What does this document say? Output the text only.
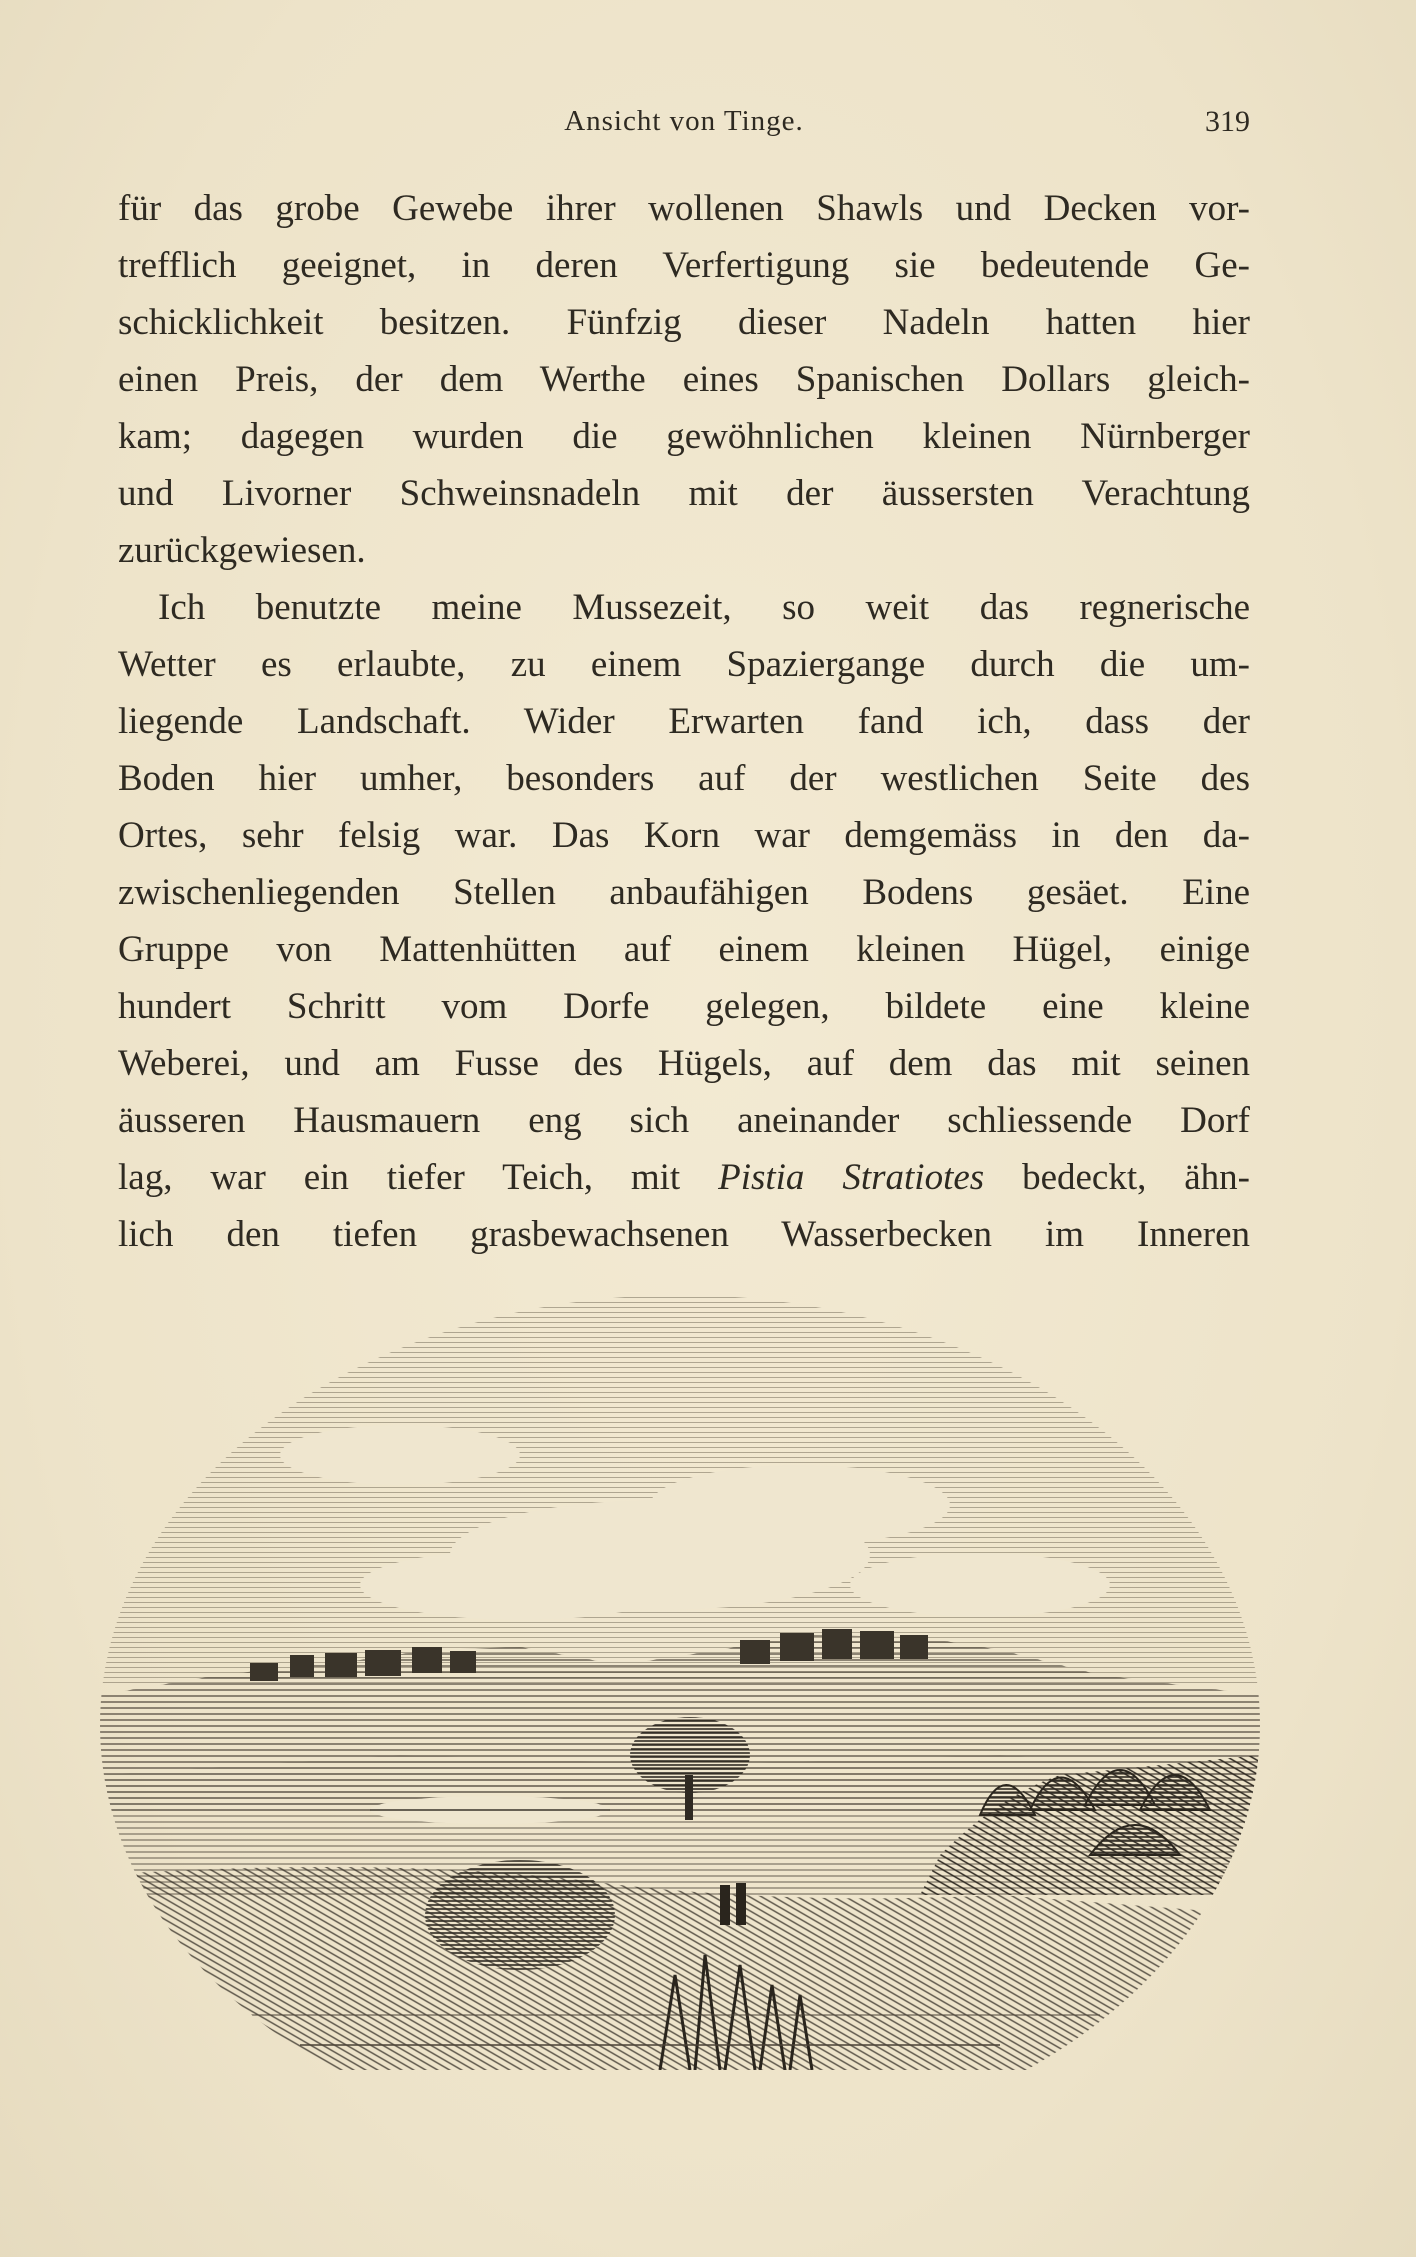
Ansicht von Tinge.	319
für das grobe Gewebe ihrer wollenen Shawls und Decken vor-
trefflich geeignet, in deren Verfertigung sie bedeutende Ge-
schicklichkeit besitzen. Fünfzig dieser Nadeln hatten hier
einen Preis, der dem Werthe eines Spanischen Dollars gleich-
kam; dagegen wurden die gewöhnlichen kleinen Nürnberger
und Livorner Schweinsnadeln mit der äussersten Verachtung
zurückgewiesen.
Ich benutzte meine Mussezeit, so weit das regnerische
Wetter es erlaubte, zu einem Spaziergange durch die um-
liegende Landschaft. Wider Erwarten fand ich, dass der
Boden hier umher, besonders auf der westlichen Seite des
Ortes, sehr felsig war. Das Korn war demgemäss in den da-
zwischenliegenden Stellen anbaufähigen Bodens gesäet. Eine
Gruppe von Mattenhütten auf einem kleinen Hügel, einige
hundert Schritt vom Dorfe gelegen, bildete eine kleine
Weberei, und am Fusse des Hügels, auf dem das mit seinen
äusseren Hausmauern eng sich aneinander schliessende Dorf
lag, war ein tiefer Teich, mit Pistia Stratiotes bedeckt, ähn-
lich den tiefen grasbewachsenen Wasserbecken im Inneren
